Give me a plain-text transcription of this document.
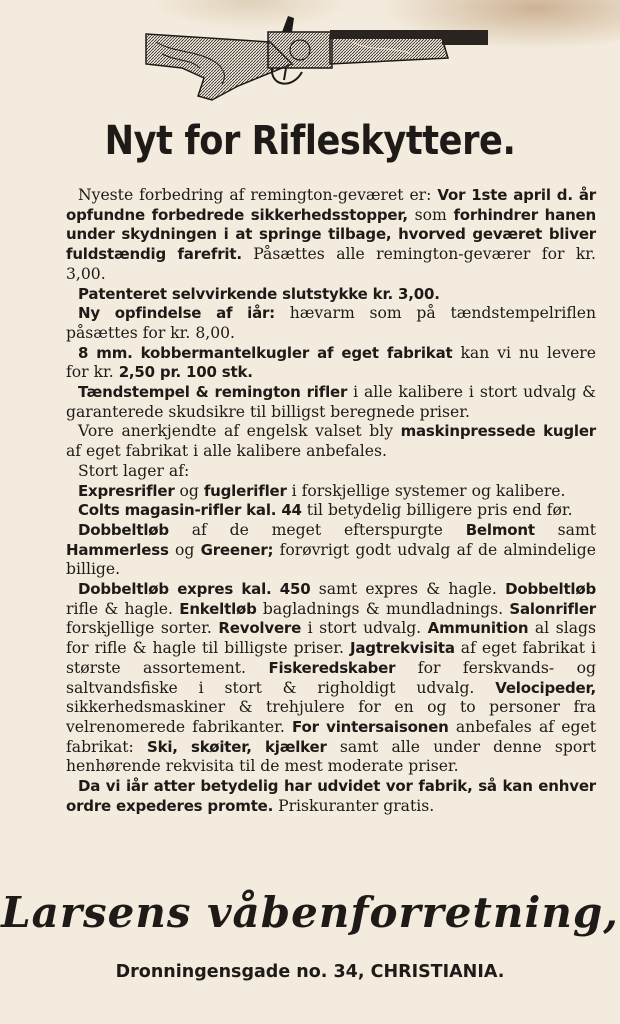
Nyt for Rifleskyttere.

Nyeste forbedring af remington-geværet er: Vor 1ste april d. år opfundne forbedrede sikkerhedsstopper, som forhindrer hanen under skydningen i at springe tilbage, hvorved geværet bliver fuldstændig farefrit. Påsættes alle remington-geværer for kr. 3,00.

Patenteret selvvirkende slutstykke kr. 3,00.

Ny opfindelse af iår: hævarm som på tændstempelriflen påsættes for kr. 8,00.

8 mm. kobbermantelkugler af eget fabrikat kan vi nu levere for kr. 2,50 pr. 100 stk.

Tændstempel & remington rifler i alle kalibere i stort udvalg & garanterede skudsikre til billigst beregnede priser.

Vore anerkjendte af engelsk valset bly maskinpressede kugler af eget fabrikat i alle kalibere anbefales.

Stort lager af:

Expresrifler og fuglerifler i forskjellige systemer og kalibere.

Colts magasin-rifler kal. 44 til betydelig billigere pris end før.

Dobbeltløb af de meget efterspurgte Belmont samt Hammerless og Greener; forøvrigt godt udvalg af de almindelige billige.

Dobbeltløb expres kal. 450 samt expres & hagle. Dobbeltløb rifle & hagle. Enkeltløb bagladnings & mundladnings. Salonrifler forskjellige sorter. Revolvere i stort udvalg. Ammunition al slags for rifle & hagle til billigste priser. Jagtrekvisita af eget fabrikat i største assortement. Fiskeredskaber for ferskvands- og saltvandsfiske i stort & righoldigt udvalg. Velocipeder, sikkerhedsmaskiner & trehjulere for en og to personer fra velrenomerede fabrikanter. For vintersaisonen anbefales af eget fabrikat: Ski, skøiter, kjælker samt alle under denne sport henhørende rekvisita til de mest moderate priser.

Da vi iår atter betydelig har udvidet vor fabrik, så kan enhver ordre expederes promte. Priskuranter gratis.

Larsens våbenforretning,
Dronningensgade no. 34, CHRISTIANIA.
